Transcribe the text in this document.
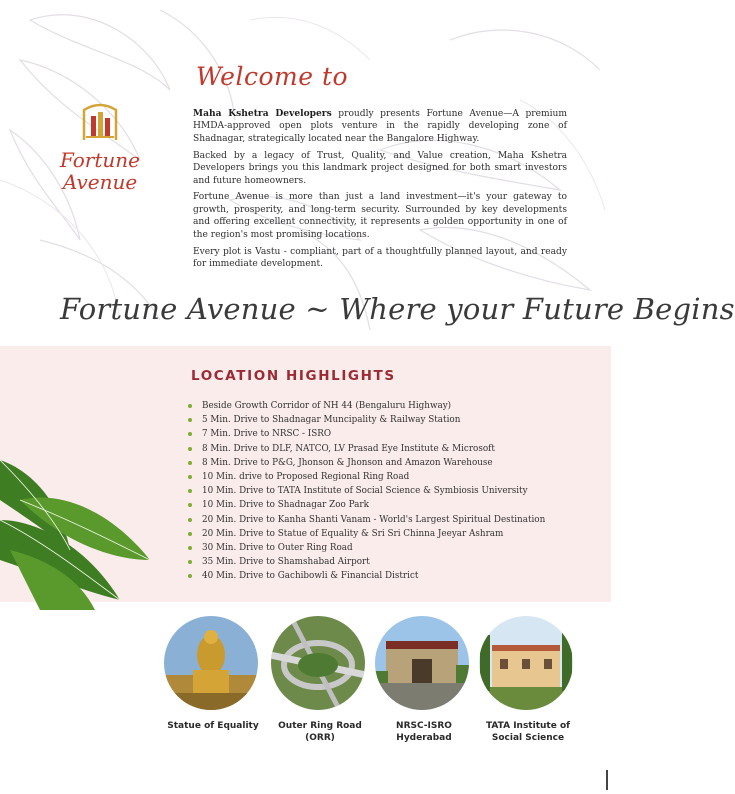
Fortune
Avenue
Welcome to

Maha Kshetra Developers proudly presents Fortune Avenue—A premium HMDA-approved open plots venture in the rapidly developing zone of Shadnagar, strategically located near the Bangalore Highway.

Backed by a legacy of Trust, Quality, and Value creation, Maha Kshetra Developers brings you this landmark project designed for both smart investors and future homeowners.

Fortune Avenue is more than just a land investment—it's your gateway to growth, prosperity, and long-term security. Surrounded by key developments and offering excellent connectivity, it represents a golden opportunity in one of the region's most promising locations.

Every plot is Vastu - compliant, part of a thoughtfully planned layout, and ready for immediate development.

Fortune Avenue ~ Where your Future Begins
LOCATION HIGHLIGHTS
Beside Growth Corridor of NH 44 (Bengaluru Highway)
5 Min. Drive to Shadnagar Muncipality & Railway Station
7 Min. Drive to NRSC - ISRO
8 Min. Drive to DLF, NATCO, LV Prasad Eye Institute & Microsoft
8 Min. Drive to P&G, Jhonson & Jhonson and Amazon Warehouse
10 Min. drive to Proposed Regional Ring Road
10 Min. Drive to TATA Institute of Social Science & Symbiosis University
10 Min. Drive to Shadnagar Zoo Park
20 Min. Drive to Kanha Shanti Vanam - World's Largest Spiritual Destination
20 Min. Drive to Statue of Equality & Sri Sri Chinna Jeeyar Ashram
30 Min. Drive to Outer Ring Road
35 Min. Drive to Shamshabad Airport
40 Min. Drive to Gachibowli & Financial District
Statue of Equality	Outer Ring Road
(ORR)
NRSC-ISRO
Hyderabad
TATA Institute of
Social Science
